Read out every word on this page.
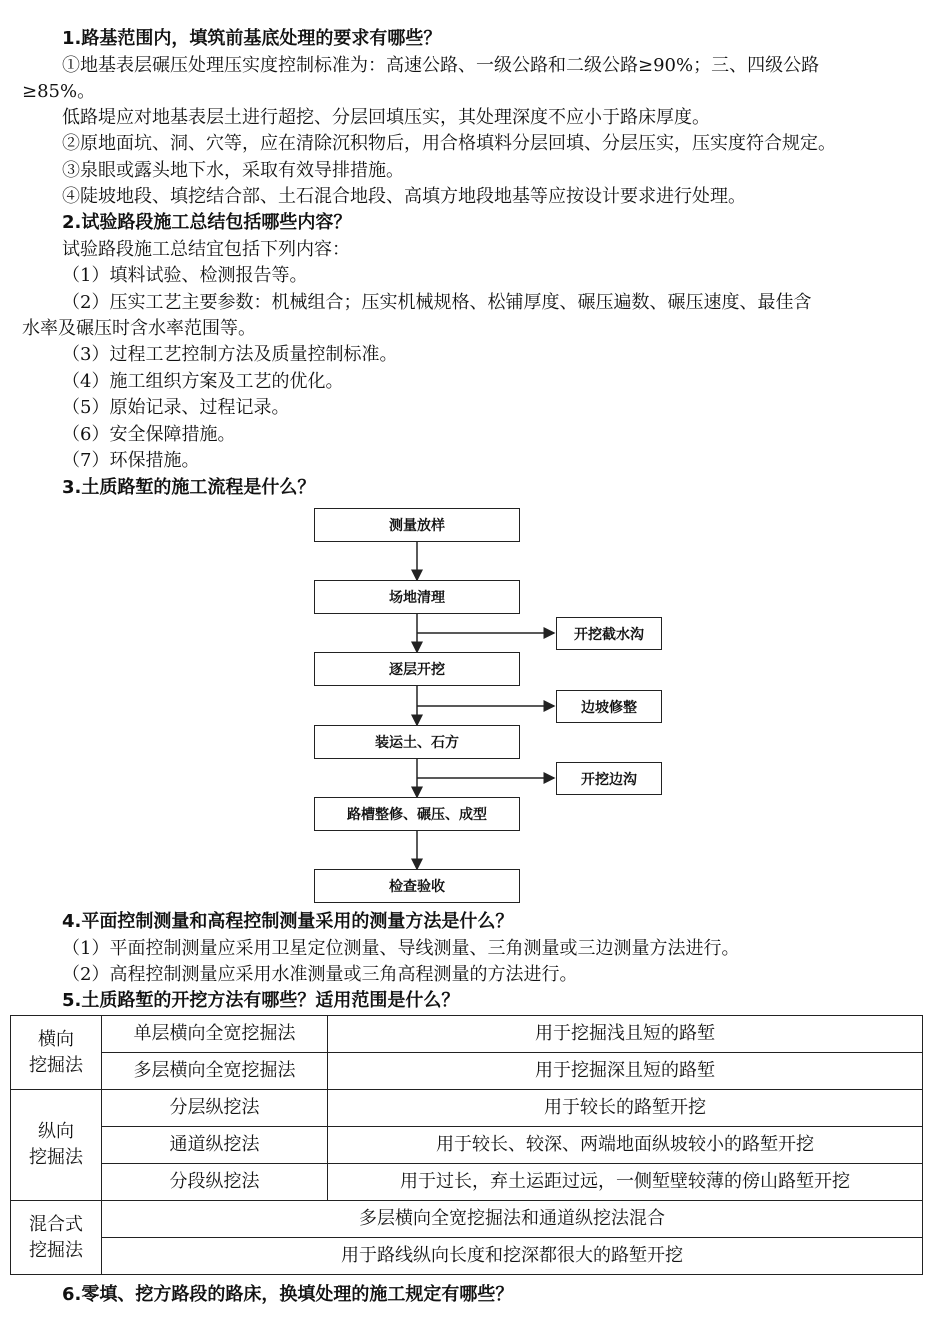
1.路基范围内，填筑前基底处理的要求有哪些？
①地基表层碾压处理压实度控制标准为：高速公路、一级公路和二级公路≥90%；三、四级公路
≥85%。
低路堤应对地基表层土进行超挖、分层回填压实，其处理深度不应小于路床厚度。
②原地面坑、洞、穴等，应在清除沉积物后，用合格填料分层回填、分层压实，压实度符合规定。
③泉眼或露头地下水，采取有效导排措施。
④陡坡地段、填挖结合部、土石混合地段、高填方地段地基等应按设计要求进行处理。
2.试验路段施工总结包括哪些内容？
试验路段施工总结宜包括下列内容：
（1）填料试验、检测报告等。
（2）压实工艺主要参数：机械组合；压实机械规格、松铺厚度、碾压遍数、碾压速度、最佳含
水率及碾压时含水率范围等。
（3）过程工艺控制方法及质量控制标准。
（4）施工组织方案及工艺的优化。
（5）原始记录、过程记录。
（6）安全保障措施。
（7）环保措施。
3.土质路堑的施工流程是什么？
测量放样
场地清理
逐层开挖
装运土、石方
路槽整修、碾压、成型
检查验收
开挖截水沟
边坡修整
开挖边沟
4.平面控制测量和高程控制测量采用的测量方法是什么？
（1）平面控制测量应采用卫星定位测量、导线测量、三角测量或三边测量方法进行。
（2）高程控制测量应采用水准测量或三角高程测量的方法进行。
5.土质路堑的开挖方法有哪些？适用范围是什么？
横向
挖掘法	单层横向全宽挖掘法	用于挖掘浅且短的路堑
	多层横向全宽挖掘法	用于挖掘深且短的路堑

纵向
挖掘法	分层纵挖法	用于较长的路堑开挖
	通道纵挖法	用于较长、较深、两端地面纵坡较小的路堑开挖
	分段纵挖法	用于过长，弃土运距过远，一侧堑壁较薄的傍山路堑开挖

混合式
挖掘法	多层横向全宽挖掘法和通道纵挖法混合	
	用于路线纵向长度和挖深都很大的路堑开挖	
6.零填、挖方路段的路床，换填处理的施工规定有哪些？
